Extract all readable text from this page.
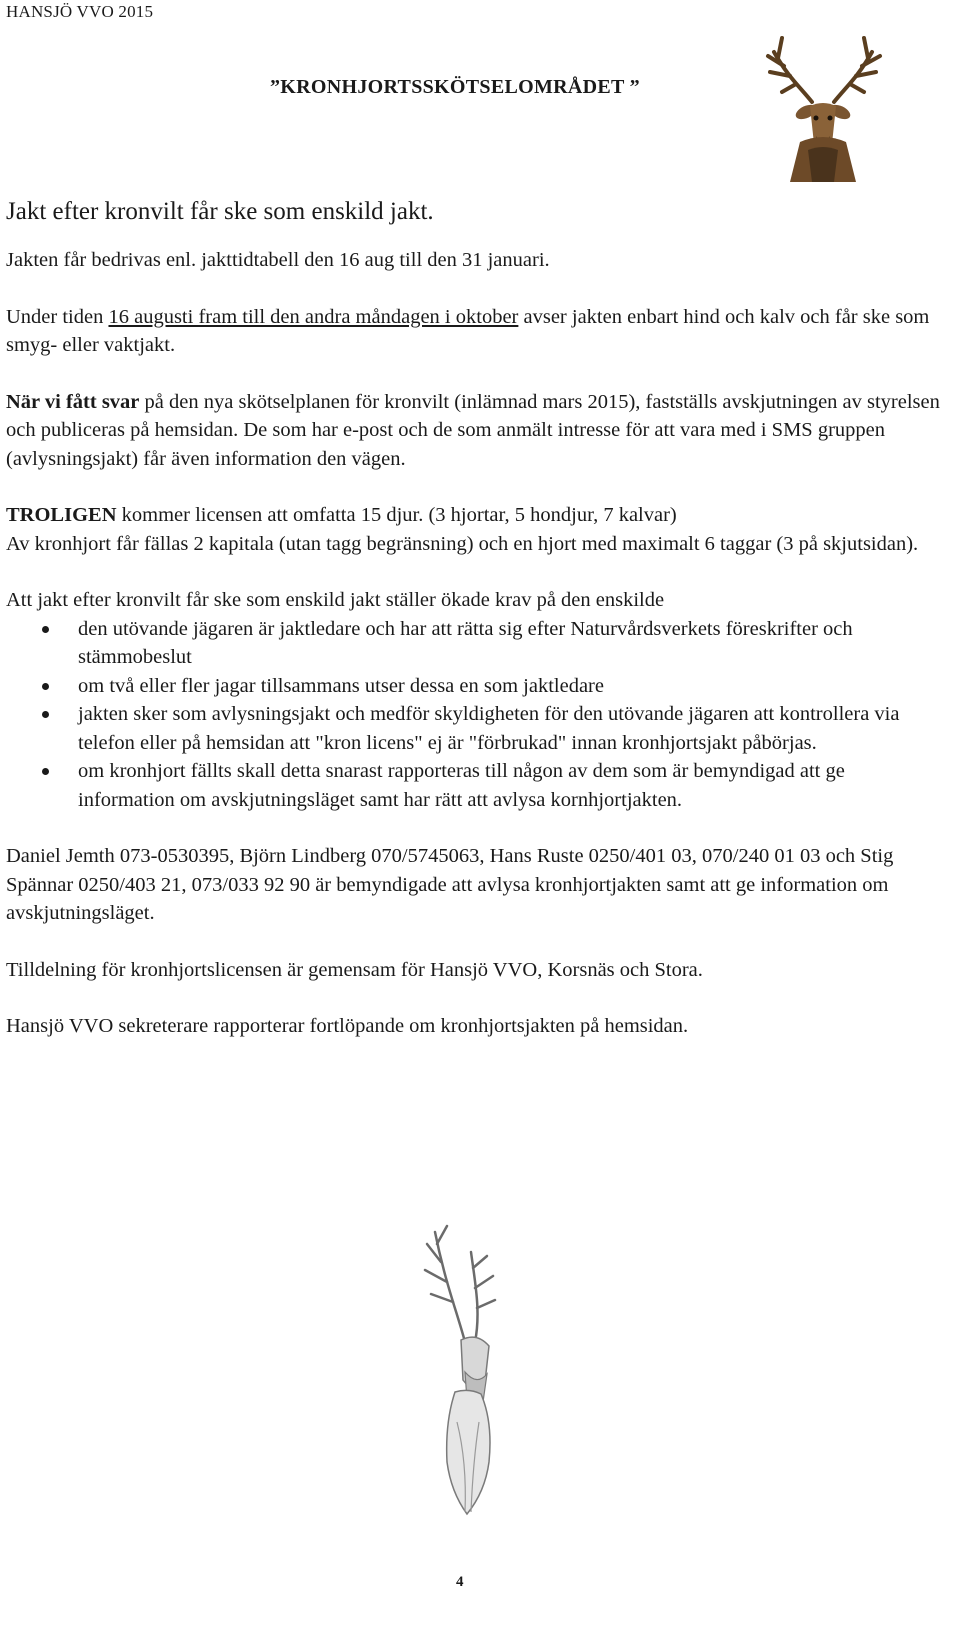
HANSJÖ VVO 2015
”KRONHJORTSSKÖTSELOMRÅDET ”

Jakt efter kronvilt får ske som enskild jakt.

Jakten får bedrivas enl. jakttidtabell den 16 aug till den 31 januari.

Under tiden 16 augusti fram till den andra måndagen i oktober avser jakten enbart hind och kalv och får ske som smyg- eller vaktjakt.

När vi fått svar på den nya skötselplanen för kronvilt (inlämnad mars 2015), fastställs avskjutningen av styrelsen och publiceras på hemsidan. De som har e-post och de som anmält intresse för att vara med i SMS gruppen (avlysningsjakt) får även information den vägen.

TROLIGEN kommer licensen att omfatta 15 djur. (3 hjortar, 5 hondjur, 7 kalvar)

Av kronhjort får fällas 2 kapitala (utan tagg begränsning) och en hjort med maximalt 6 taggar (3 på skjutsidan).

Att jakt efter kronvilt får ske som enskild jakt ställer ökade krav på den enskilde

den utövande jägaren är jaktledare och har att rätta sig efter Naturvårdsverkets föreskrifter och stämmobeslut
om två eller fler jagar tillsammans utser dessa en som jaktledare
jakten sker som avlysningsjakt och medför skyldigheten för den utövande jägaren att kontrollera via telefon eller på hemsidan att "kron licens" ej är "förbrukad" innan kronhjortsjakt påbörjas.
om kronhjort fällts skall detta snarast rapporteras till någon av dem som är bemyndigad att ge information om avskjutningsläget samt har rätt att avlysa kornhjortjakten.

Daniel Jemth 073-0530395, Björn Lindberg 070/5745063, Hans Ruste 0250/401 03, 070/240 01 03 och Stig Spännar 0250/403 21, 073/033 92 90 är bemyndigade att avlysa kronhjortjakten samt att ge information om avskjutningsläget.

Tilldelning för kronhjortslicensen är gemensam för Hansjö VVO, Korsnäs och Stora.

Hansjö VVO sekreterare rapporterar fortlöpande om kronhjortsjakten på hemsidan.

4
